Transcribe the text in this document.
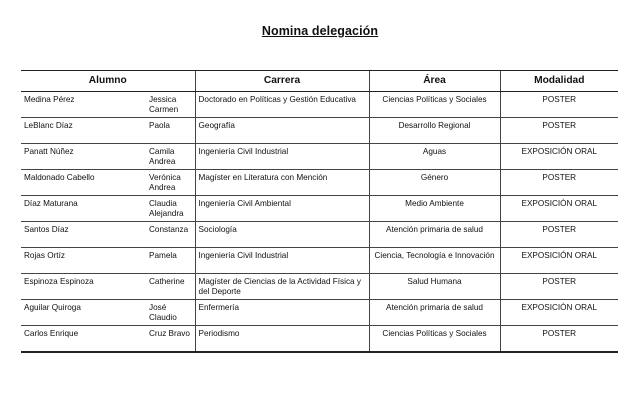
Nomina delegación
Alumno		Carrera	Área	Modalidad
Medina Pérez	Jessica Carmen	Doctorado en Políticas y Gestión Educativa	Ciencias Políticas y Sociales	POSTER
LeBlanc Díaz	Paola	Geografía	Desarrollo Regional	POSTER
Panatt Núñez	Camila Andrea	Ingeniería Civil Industrial	Aguas	EXPOSICIÓN ORAL
Maldonado Cabello	Verónica Andrea	Magíster en Literatura con Mención	Género	POSTER
Díaz Maturana	Claudia Alejandra	Ingeniería Civil Ambiental	Medio Ambiente	EXPOSICIÓN ORAL
Santos Díaz	Constanza	Sociología	Atención primaria de salud	POSTER
Rojas Ortíz	Pamela	Ingeniería Civil Industrial	Ciencia, Tecnología e Innovación	EXPOSICIÓN ORAL
Espinoza Espinoza	Catherine	Magíster de Ciencias de la Actividad Física y del Deporte	Salud Humana	POSTER
Aguilar Quiroga	José Claudio	Enfermería	Atención primaria de salud	EXPOSICIÓN ORAL
Carlos Enrique	Cruz Bravo	Periodismo	Ciencias Políticas y Sociales	POSTER
